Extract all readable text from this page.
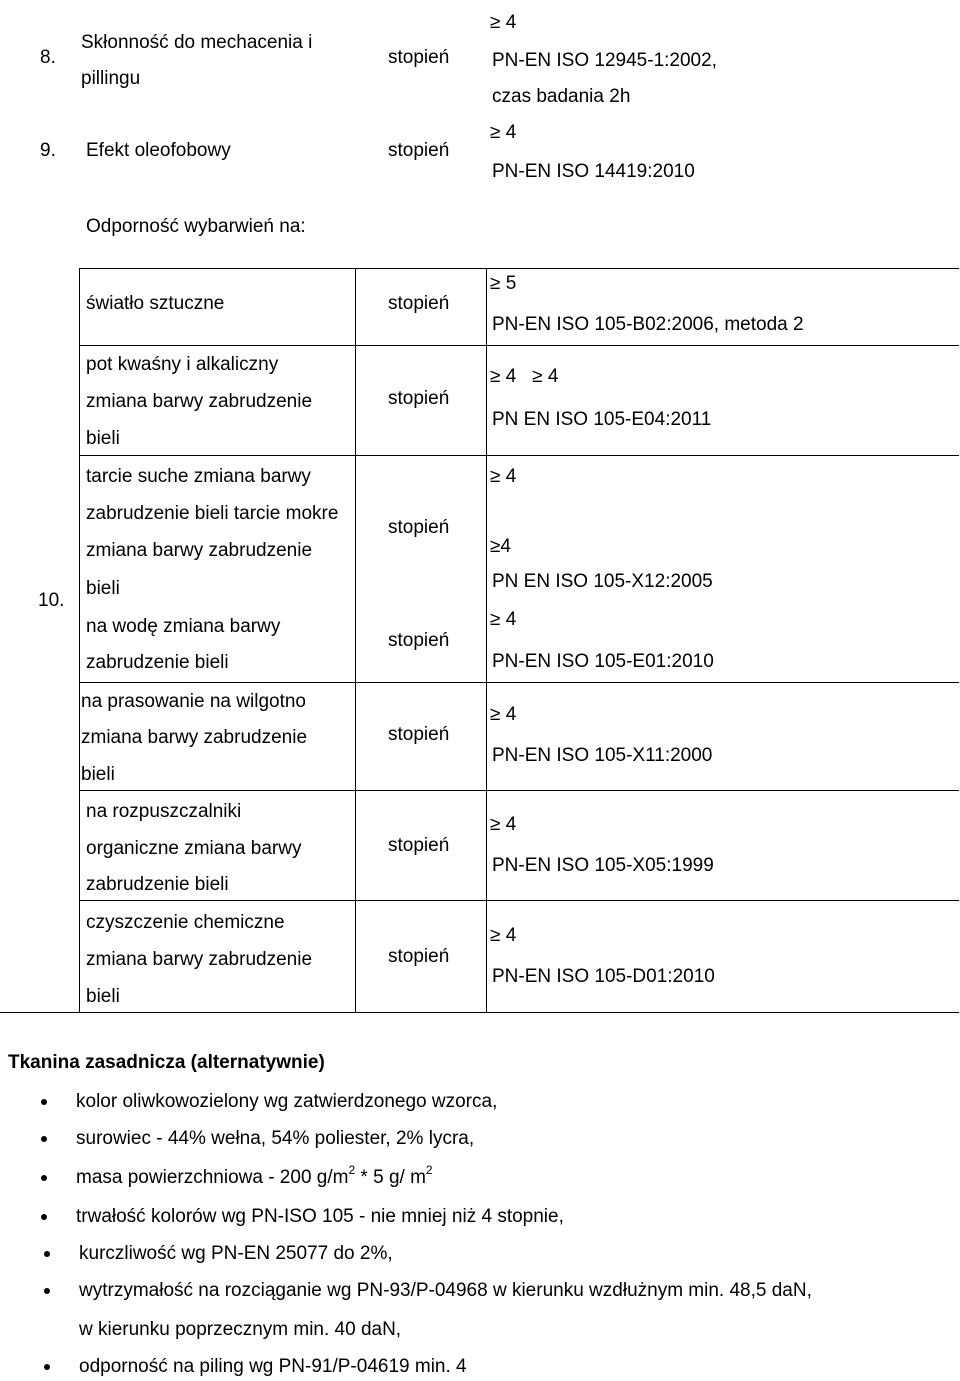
8.
Skłonność do mechacenia i
pillingu
stopień
≥ 4
PN-EN ISO 12945-1:2002,
czas badania 2h
9. Efekt oleofobowy	stopień
≥ 4
PN-EN ISO 14419:2010
Odporność wybarwień na:
10.
światło sztuczne	stopień
≥ 5
PN-EN ISO 105-B02:2006, metoda 2
pot kwaśny i alkaliczny
zmiana barwy zabrudzenie
bieli
stopień
≥ 4   ≥ 4
PN EN ISO 105-E04:2011
tarcie suche zmiana barwy
zabrudzenie bieli tarcie mokre
zmiana barwy zabrudzenie
bieli
stopień
≥ 4
≥4
PN EN ISO 105-X12:2005
na wodę zmiana barwy
zabrudzenie bieli
stopień
≥ 4
PN-EN ISO 105-E01:2010
na prasowanie na wilgotno
zmiana barwy zabrudzenie
bieli
stopień
≥ 4
PN-EN ISO 105-X11:2000
na rozpuszczalniki
organiczne zmiana barwy
zabrudzenie bieli
stopień
≥ 4
PN-EN ISO 105-X05:1999
czyszczenie chemiczne
zmiana barwy zabrudzenie
bieli
stopień
≥ 4
PN-EN ISO 105-D01:2010
Tkanina zasadnicza (alternatywnie)
kolor oliwkowozielony wg zatwierdzonego wzorca,
surowiec - 44% wełna, 54% poliester, 2% lycra,
masa powierzchniowa - 200 $g/m^2 * 5$ g/ $m^2$
trwałość kolorów wg PN-ISO 105 - nie mniej niż 4 stopnie,
kurczliwość wg PN-EN 25077 do 2%,
wytrzymałość na rozciąganie wg PN-93/P-04968 w kierunku wzdłużnym min. 48,5 daN,
w kierunku poprzecznym min. 40 daN,
odporność na piling wg PN-91/P-04619 min. 4
